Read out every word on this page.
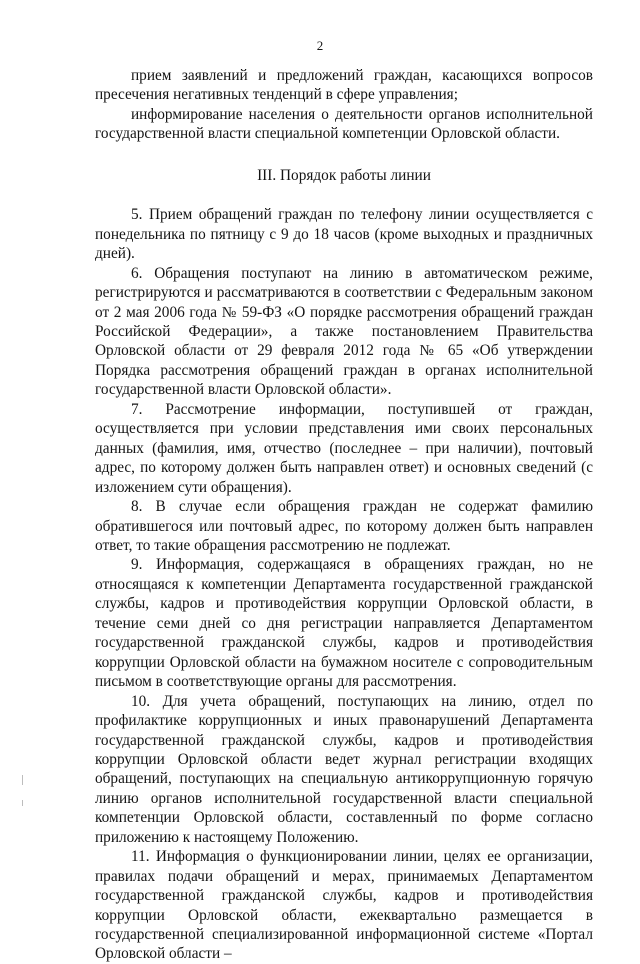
2

прием заявлений и предложений граждан, касающихся вопросов пресечения негативных тенденций в сфере управления;

информирование населения о деятельности органов исполнительной государственной власти специальной компетенции Орловской области.

III. Порядок работы линии

5. Прием обращений граждан по телефону линии осуществляется с понедельника по пятницу с 9 до 18 часов (кроме выходных и праздничных дней).

6. Обращения поступают на линию в автоматическом режиме, регистрируются и рассматриваются в соответствии с Федеральным законом от 2 мая 2006 года № 59-ФЗ «О порядке рассмотрения обращений граждан Российской Федерации», а также постановлением Правительства Орловской области от 29 февраля 2012 года № 65 «Об утверждении Порядка рассмотрения обращений граждан в органах исполнительной государственной власти Орловской области».

7. Рассмотрение информации, поступившей от граждан, осуществляется при условии представления ими своих персональных данных (фамилия, имя, отчество (последнее – при наличии), почтовый адрес, по которому должен быть направлен ответ) и основных сведений (с изложением сути обращения).

8. В случае если обращения граждан не содержат фамилию обратившегося или почтовый адрес, по которому должен быть направлен ответ, то такие обращения рассмотрению не подлежат.

9. Информация, содержащаяся в обращениях граждан, но не относящаяся к компетенции Департамента государственной гражданской службы, кадров и противодействия коррупции Орловской области, в течение семи дней со дня регистрации направляется Департаментом государственной гражданской службы, кадров и противодействия коррупции Орловской области на бумажном носителе с сопроводительным письмом в соответствующие органы для рассмотрения.

10. Для учета обращений, поступающих на линию, отдел по профилактике коррупционных и иных правонарушений Департамента государственной гражданской службы, кадров и противодействия коррупции Орловской области ведет журнал регистрации входящих обращений, поступающих на специальную антикоррупционную горячую линию органов исполнительной государственной власти специальной компетенции Орловской области, составленный по форме согласно приложению к настоящему Положению.

11. Информация о функционировании линии, целях ее организации, правилах подачи обращений и мерах, принимаемых Департаментом государственной гражданской службы, кадров и противодействия коррупции Орловской области, ежеквартально размещается в государственной специализированной информационной системе «Портал Орловской области –
